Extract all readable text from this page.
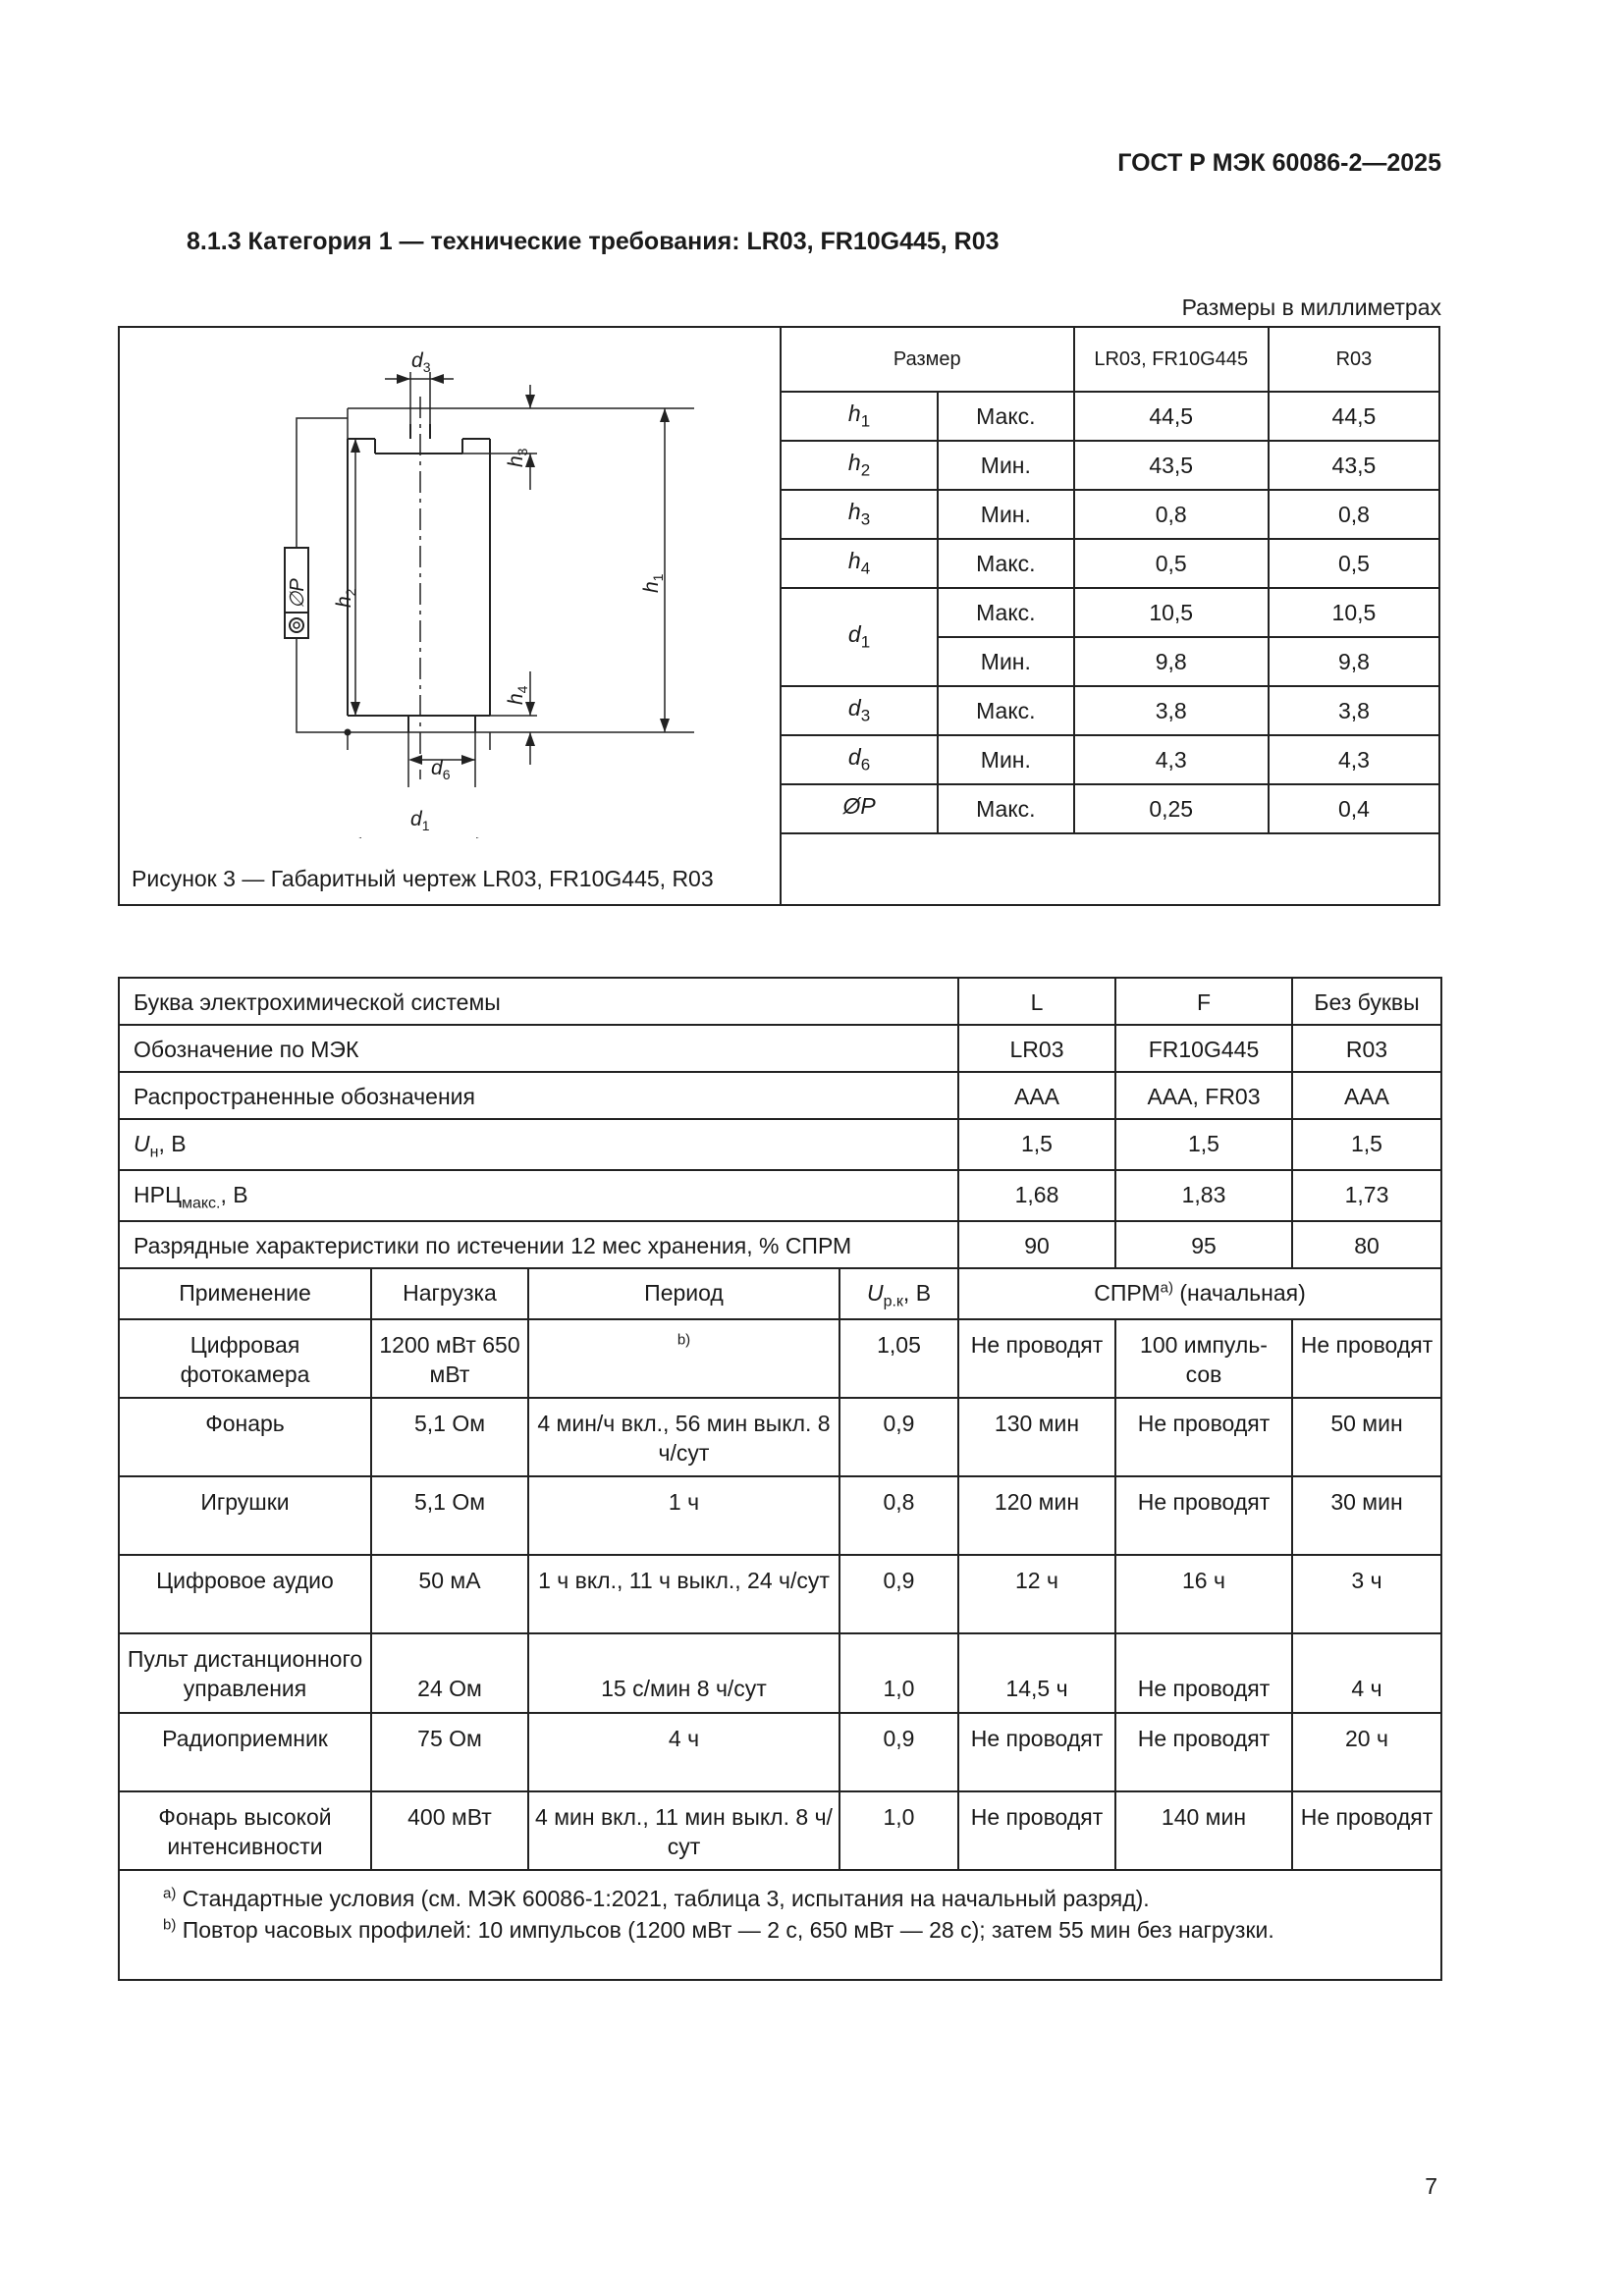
ГОСТ Р МЭК 60086-2—2025
8.1.3 Категория 1 — технические требования: LR03, FR10G445, R03
Размеры в миллиметрах
∅P
$d_3$
$h_2$	$h_1$
$h_3$
$h_4$
$d_6$
$d_1$
Рисунок 3 — Габаритный чертеж LR03, FR10G445, R03
Размер		LR03, FR10G445	R03
$h_1$	Макс.	44,5	44,5
$h_2$	Мин.	43,5	43,5
$h_3$	Мин.	0,8	0,8
$h_4$	Макс.	0,5	0,5
$d_1$	Макс.	10,5	10,5
	Мин.	9,8	9,8
$d_3$	Макс.	3,8	3,8
$d_6$	Мин.	4,3	4,3
ØP	Макс.	0,25	0,4
Буква электрохимической системы				L	F	Без буквы
Обозначение по МЭК				LR03	FR10G445	R03
Распространенные обозначения				AAA	AAA, FR03	AAA
$U_н$, В				1,5	1,5	1,5
$НРЦ_{макс.}$, В				1,68	1,83	1,73
Разрядные характеристики по истечении 12 мес хранения, % СПРМ				90	95	80
Применение	Нагрузка	Период	$U_{р.к}$, В	СПРМ$^{a)}$ (начальная)		
Цифровая фотокамера	1200 мВт 650 мВт	$^{b)}$	1,05	Не проводят	100 импуль- сов	Не проводят
Фонарь	5,1 Ом	4 мин/ч вкл., 56 мин выкл. 8 ч/сут	0,9	130 мин	Не проводят	50 мин
Игрушки	5,1 Ом	1 ч	0,8	120 мин	Не проводят	30 мин
Цифровое аудио	50 мА	1 ч вкл., 11 ч выкл., 24 ч/сут	0,9	12 ч	16 ч	3 ч
Пульт дистанционного управления	24 Ом	15 с/мин 8 ч/сут	1,0	14,5 ч	Не проводят	4 ч
Радиоприемник	75 Ом	4 ч	0,9	Не проводят	Не проводят	20 ч
Фонарь высокой интенсивности	400 мВт	4 мин вкл., 11 мин выкл. 8 ч/сут	1,0	Не проводят	140 мин	Не проводят

$^{a)}$ Стандартные условия (см. МЭК 60086-1:2021, таблица 3, испытания на начальный разряд).
$^{b)}$ Повтор часовых профилей: 10 импульсов (1200 мВт — 2 с, 650 мВт — 28 с); затем 55 мин без нагрузки.						
7
